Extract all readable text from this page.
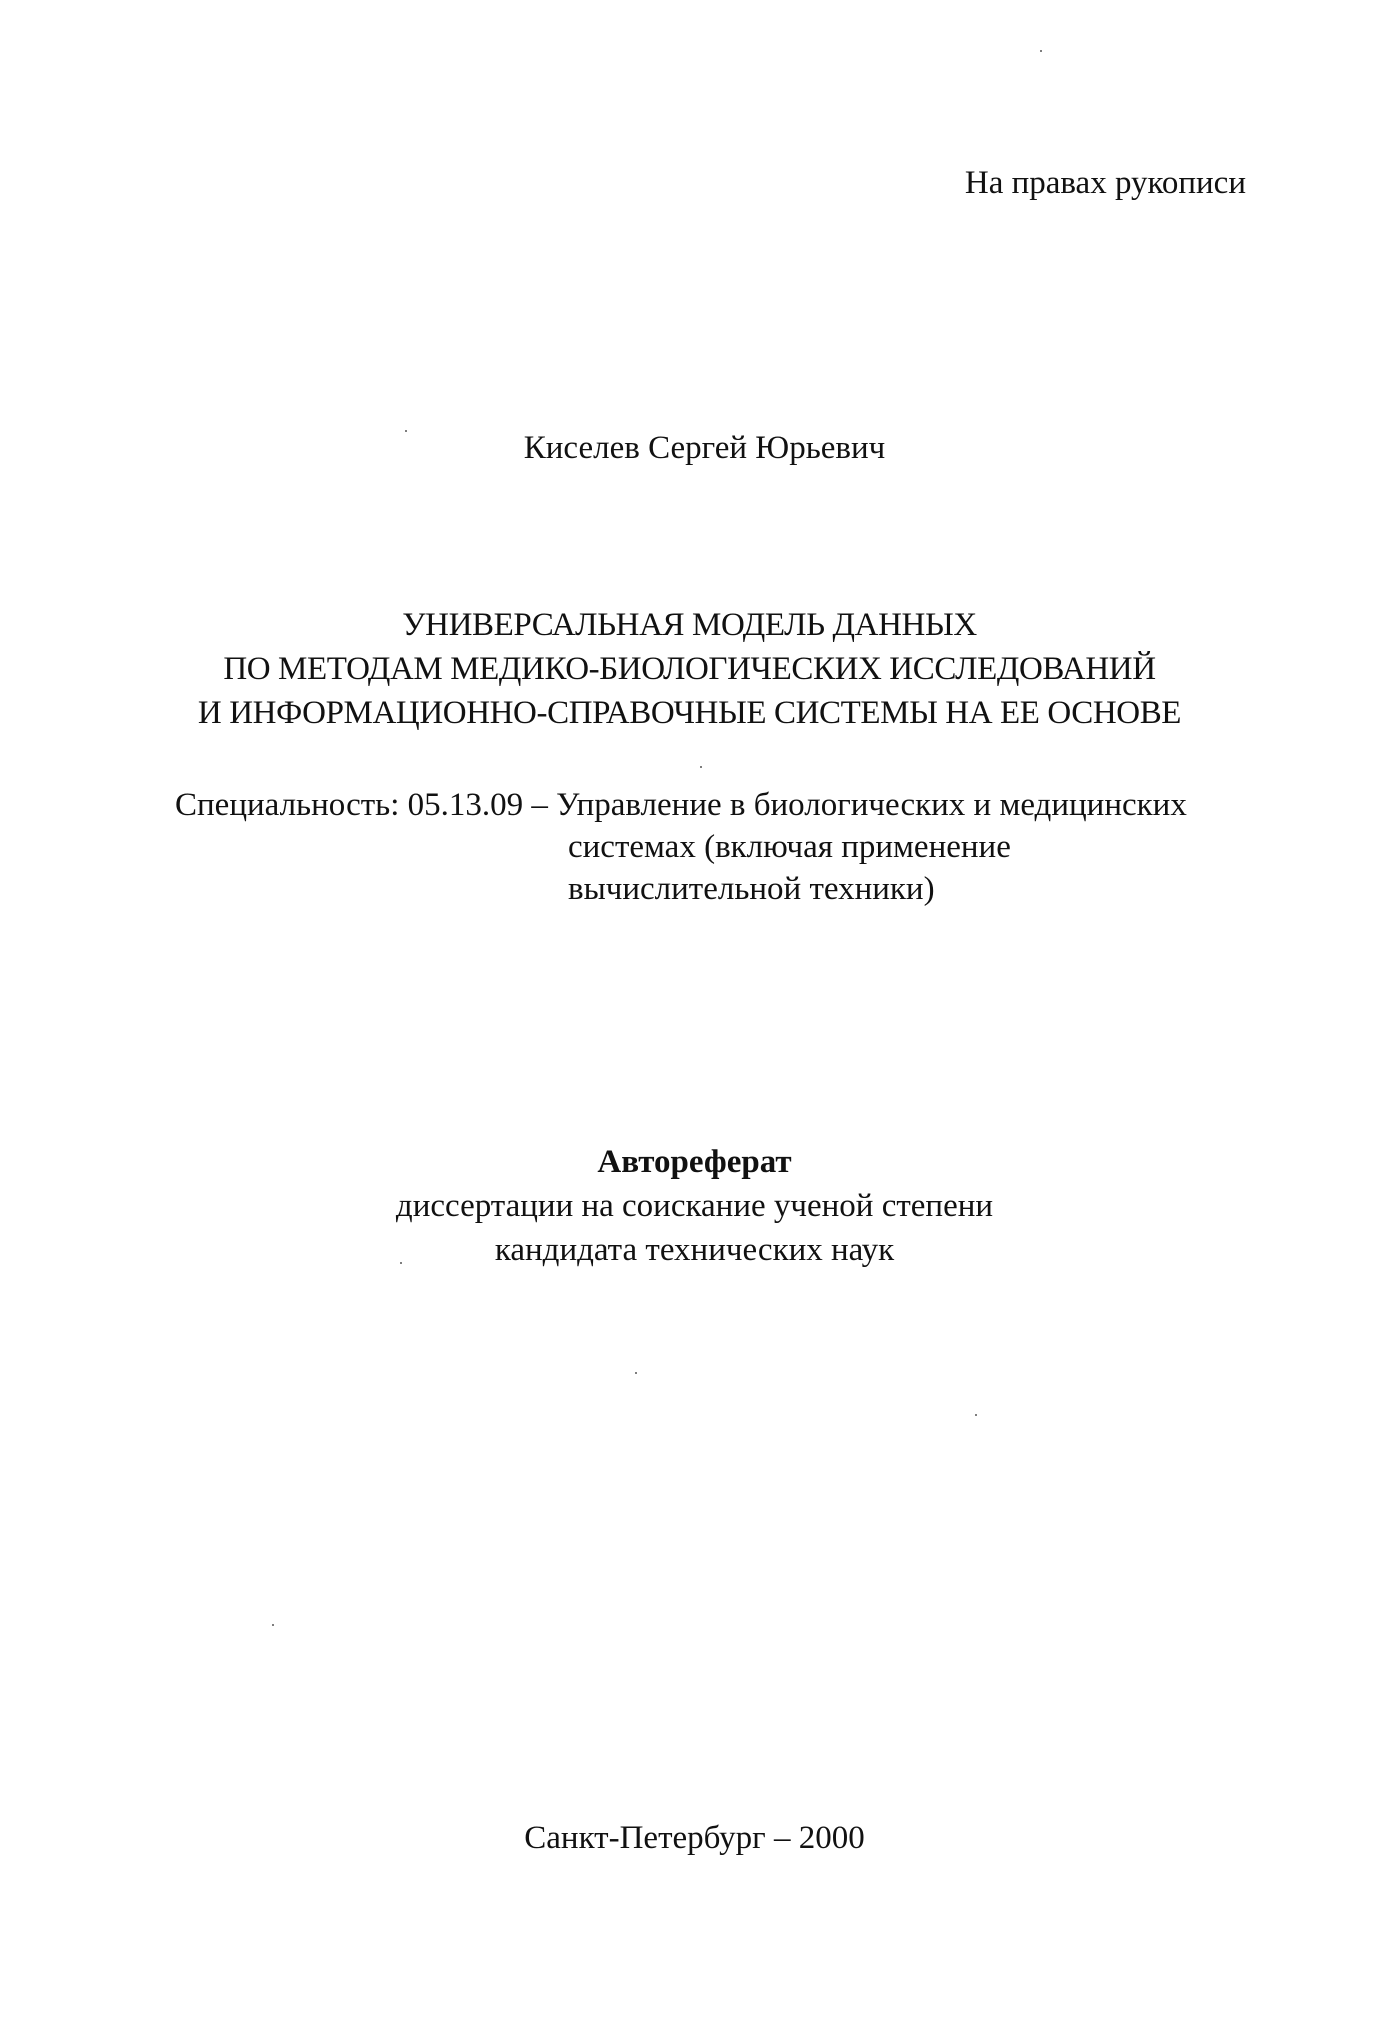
На правах рукописи
Киселев Сергей Юрьевич
УНИВЕРСАЛЬНАЯ МОДЕЛЬ ДАННЫХ
ПО МЕТОДАМ МЕДИКО-БИОЛОГИЧЕСКИХ ИССЛЕДОВАНИЙ
И ИНФОРМАЦИОННО-СПРАВОЧНЫЕ СИСТЕМЫ НА ЕЕ ОСНОВЕ
Специальность: 05.13.09 – Управление в биологических и медицинских
системах (включая применение
вычислительной техники)
Автореферат
диссертации на соискание ученой степени
кандидата технических наук
Санкт-Петербург – 2000
